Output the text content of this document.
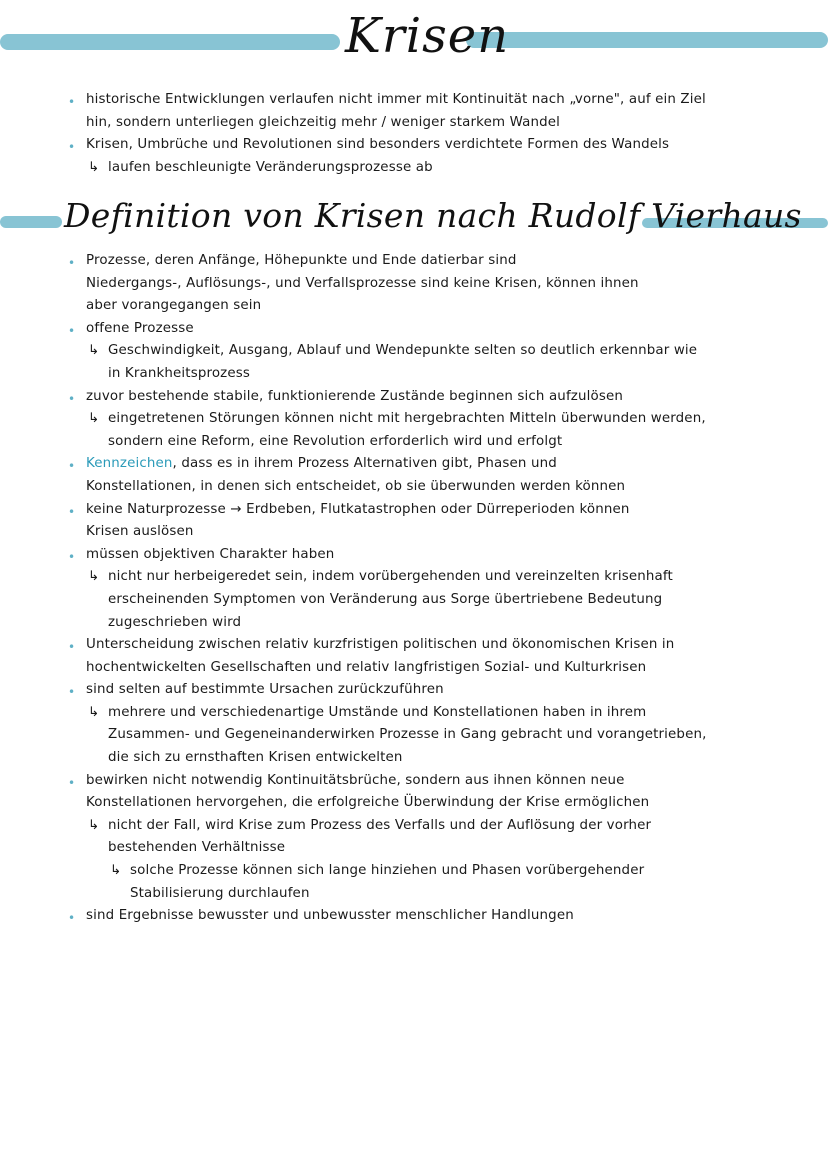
Krisen
• historische Entwicklungen verlaufen nicht immer mit Kontinuität nach „vorne", auf ein Ziel
hin, sondern unterliegen gleichzeitig mehr / weniger starkem Wandel
• Krisen, Umbrüche und Revolutionen sind besonders verdichtete Formen des Wandels
↳ laufen beschleunigte Veränderungsprozesse ab
Definition von Krisen nach Rudolf Vierhaus
• Prozesse, deren Anfänge, Höhepunkte und Ende datierbar sind
Niedergangs-, Auflösungs-, und Verfallsprozesse sind keine Krisen, können ihnen
aber vorangegangen sein
• offene Prozesse
↳ Geschwindigkeit, Ausgang, Ablauf und Wendepunkte selten so deutlich erkennbar wie
in Krankheitsprozess
• zuvor bestehende stabile, funktionierende Zustände beginnen sich aufzulösen
↳ eingetretenen Störungen können nicht mit hergebrachten Mitteln überwunden werden,
sondern eine Reform, eine Revolution erforderlich wird und erfolgt
• Kennzeichen, dass es in ihrem Prozess Alternativen gibt, Phasen und
Konstellationen, in denen sich entscheidet, ob sie überwunden werden können
• keine Naturprozesse → Erdbeben, Flutkatastrophen oder Dürreperioden können
Krisen auslösen
• müssen objektiven Charakter haben
↳ nicht nur herbeigeredet sein, indem vorübergehenden und vereinzelten krisenhaft
erscheinenden Symptomen von Veränderung aus Sorge übertriebene Bedeutung
zugeschrieben wird
• Unterscheidung zwischen relativ kurzfristigen politischen und ökonomischen Krisen in
hochentwickelten Gesellschaften und relativ langfristigen Sozial- und Kulturkrisen
• sind selten auf bestimmte Ursachen zurückzuführen
↳ mehrere und verschiedenartige Umstände und Konstellationen haben in ihrem
Zusammen- und Gegeneinanderwirken Prozesse in Gang gebracht und vorangetrieben,
die sich zu ernsthaften Krisen entwickelten
• bewirken nicht notwendig Kontinuitätsbrüche, sondern aus ihnen können neue
Konstellationen hervorgehen, die erfolgreiche Überwindung der Krise ermöglichen
↳ nicht der Fall, wird Krise zum Prozess des Verfalls und der Auflösung der vorher
bestehenden Verhältnisse
↳ solche Prozesse können sich lange hinziehen und Phasen vorübergehender
Stabilisierung durchlaufen
• sind Ergebnisse bewusster und unbewusster menschlicher Handlungen
